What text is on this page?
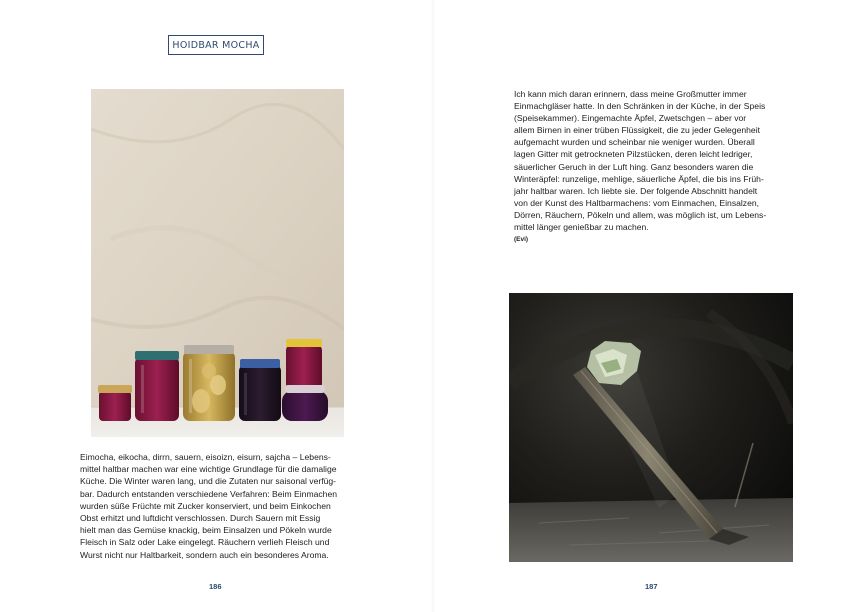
HOIDBAR MOCHA
Eimocha, eikocha, dirrn, sauern, eisoizn, eisurn, sajcha – Lebens-
mittel haltbar machen war eine wichtige Grundlage für die damalige
Küche. Die Winter waren lang, und die Zutaten nur saisonal verfüg-
bar. Dadurch entstanden verschiedene Verfahren: Beim Einmachen
wurden süße Früchte mit Zucker konserviert, und beim Einkochen
Obst erhitzt und luftdicht verschlossen. Durch Sauern mit Essig
hielt man das Gemüse knackig, beim Einsalzen und Pökeln wurde
Fleisch in Salz oder Lake eingelegt. Räuchern verlieh Fleisch und
Wurst nicht nur Haltbarkeit, sondern auch ein besonderes Aroma.
186
Ich kann mich daran erinnern, dass meine Großmutter immer
Einmachgläser hatte. In den Schränken in der Küche, in der Speis
(Speisekammer). Eingemachte Äpfel, Zwetschgen – aber vor
allem Birnen in einer trüben Flüssigkeit, die zu jeder Gelegenheit
aufgemacht wurden und scheinbar nie weniger wurden. Überall
lagen Gitter mit getrockneten Pilzstücken, deren leicht ledriger,
säuerlicher Geruch in der Luft hing. Ganz besonders waren die
Winteräpfel: runzelige, mehlige, säuerliche Äpfel, die bis ins Früh-
jahr haltbar waren. Ich liebte sie. Der folgende Abschnitt handelt
von der Kunst des Haltbarmachens: vom Einmachen, Einsalzen,
Dörren, Räuchern, Pökeln und allem, was möglich ist, um Lebens-
mittel länger genießbar zu machen.
(Evi)
187
